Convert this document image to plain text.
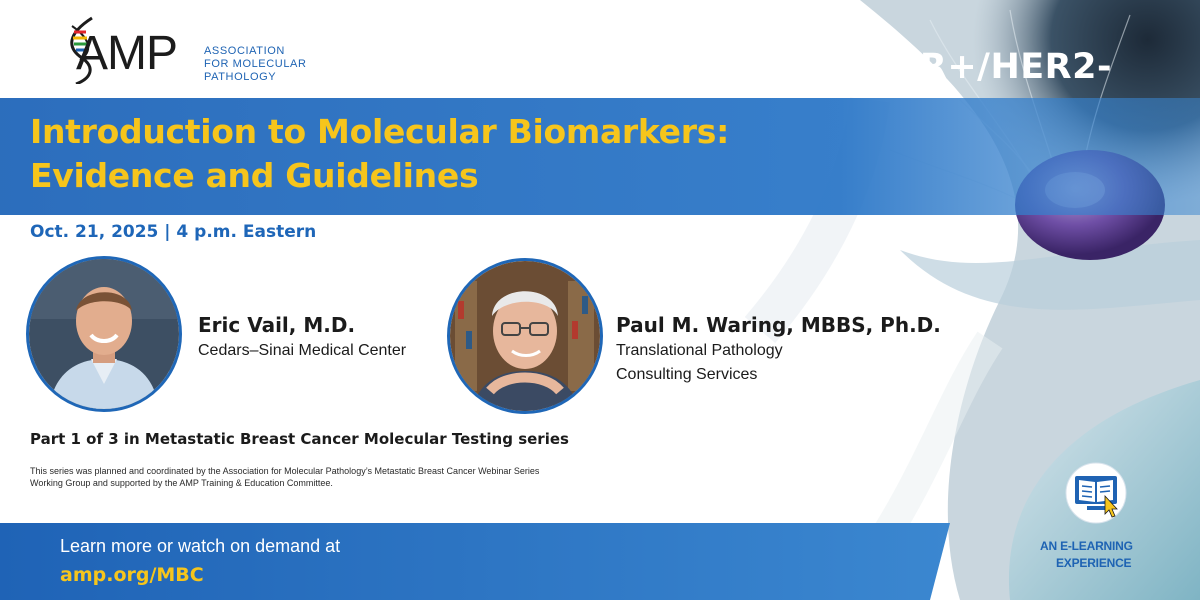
AMP ASSOCIATION
FOR MOLECULAR
PATHOLOGY	HR+/HER2-
Introduction to Molecular Biomarkers:
Evidence and Guidelines
Oct. 21, 2025 | 4 p.m. Eastern
Eric Vail, M.D.
Cedars–Sinai Medical Center
Paul M. Waring, MBBS, Ph.D.
Translational Pathology
Consulting Services
Part 1 of 3 in Metastatic Breast Cancer Molecular Testing series
This series was planned and coordinated by the Association for Molecular Pathology’s Metastatic Breast Cancer Webinar Series
Working Group and supported by the AMP Training & Education Committee.
Learn more or watch on demand at
amp.org/MBC
AN E-LEARNING
EXPERIENCE
